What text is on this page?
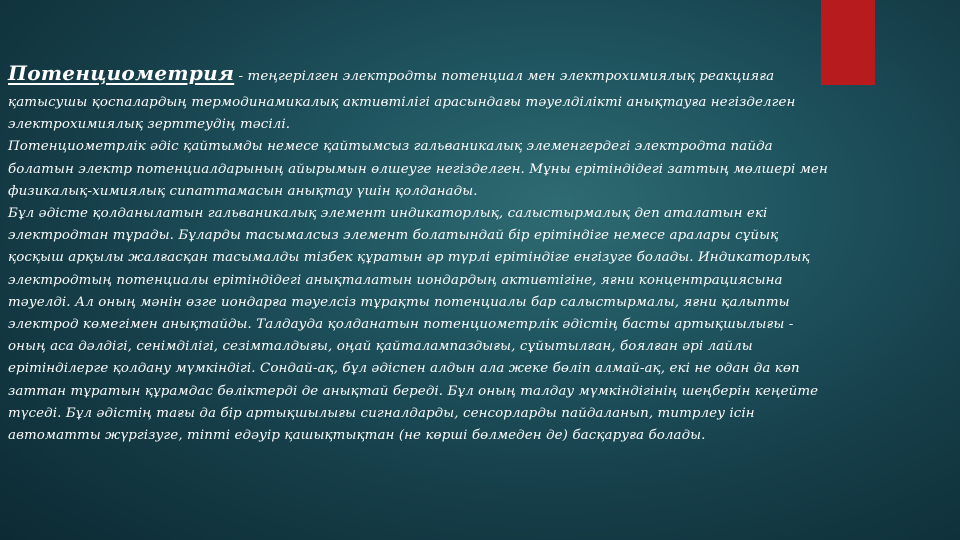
Потенциометрия - теңгерілген электродты потенциал мен электрохимиялық реакцияға
қатысушы қоспалардың термодинамикалық активтілігі арасындағы тәуелділікті анықтауға негізделген
электрохимиялық зерттеудің тәсілі.
Потенциометрлік әдіс қайтымды немесе қайтымсыз гальваникалық элеменгердегі электродта пайда
болатын электр потенциалдарының айырымын өлшеуге негізделген. Мұны ерітіндідегі заттың мөлшері мен
физикалық-химиялық сипаттамасын анықтау үшін қолданады.
Бұл әдісте қолданылатын гальваникалық элемент индикаторлық, салыстырмалық деп аталатын екі
электродтан тұрады. Бұларды тасымалсыз элемент болатындай бір ерітіндіге немесе аралары сұйық
қосқыш арқылы жалғасқан тасымалды тізбек құратын әр түрлі ерітіндіге енгізуге болады. Индикаторлық
электродтың потенциалы ерітіндідегі анықталатын иондардың активтігіне, яғни концентрациясына
тәуелді. Ал оның мәнін өзге иондарға тәуелсіз тұрақты потенциалы бар салыстырмалы, яғни қалыпты
электрод көмегімен анықтайды. Талдауда қолданатын потенциометрлік әдістің басты артықшылығы -
оның аса дәлдігі, сенімділігі, сезімталдығы, оңай қайталампаздығы, сұйытылған, боялған әрі лайлы
ерітінділерге қолдану мүмкіндігі. Сондай-ақ, бұл әдіспен алдын ала жеке бөліп алмай-ақ, екі не одан да көп
заттан тұратын құрамдас бөліктерді де анықтай береді. Бұл оның талдау мүмкіндігінің шеңберін кеңейте
түседі. Бұл әдістің тағы да бір артықшылығы сигналдарды, сенсорларды пайдаланып, титрлеу ісін
автоматты жүргізуге, тіпті едәуір қашықтықтан (не көрші бөлмеден де) басқаруға болады.
